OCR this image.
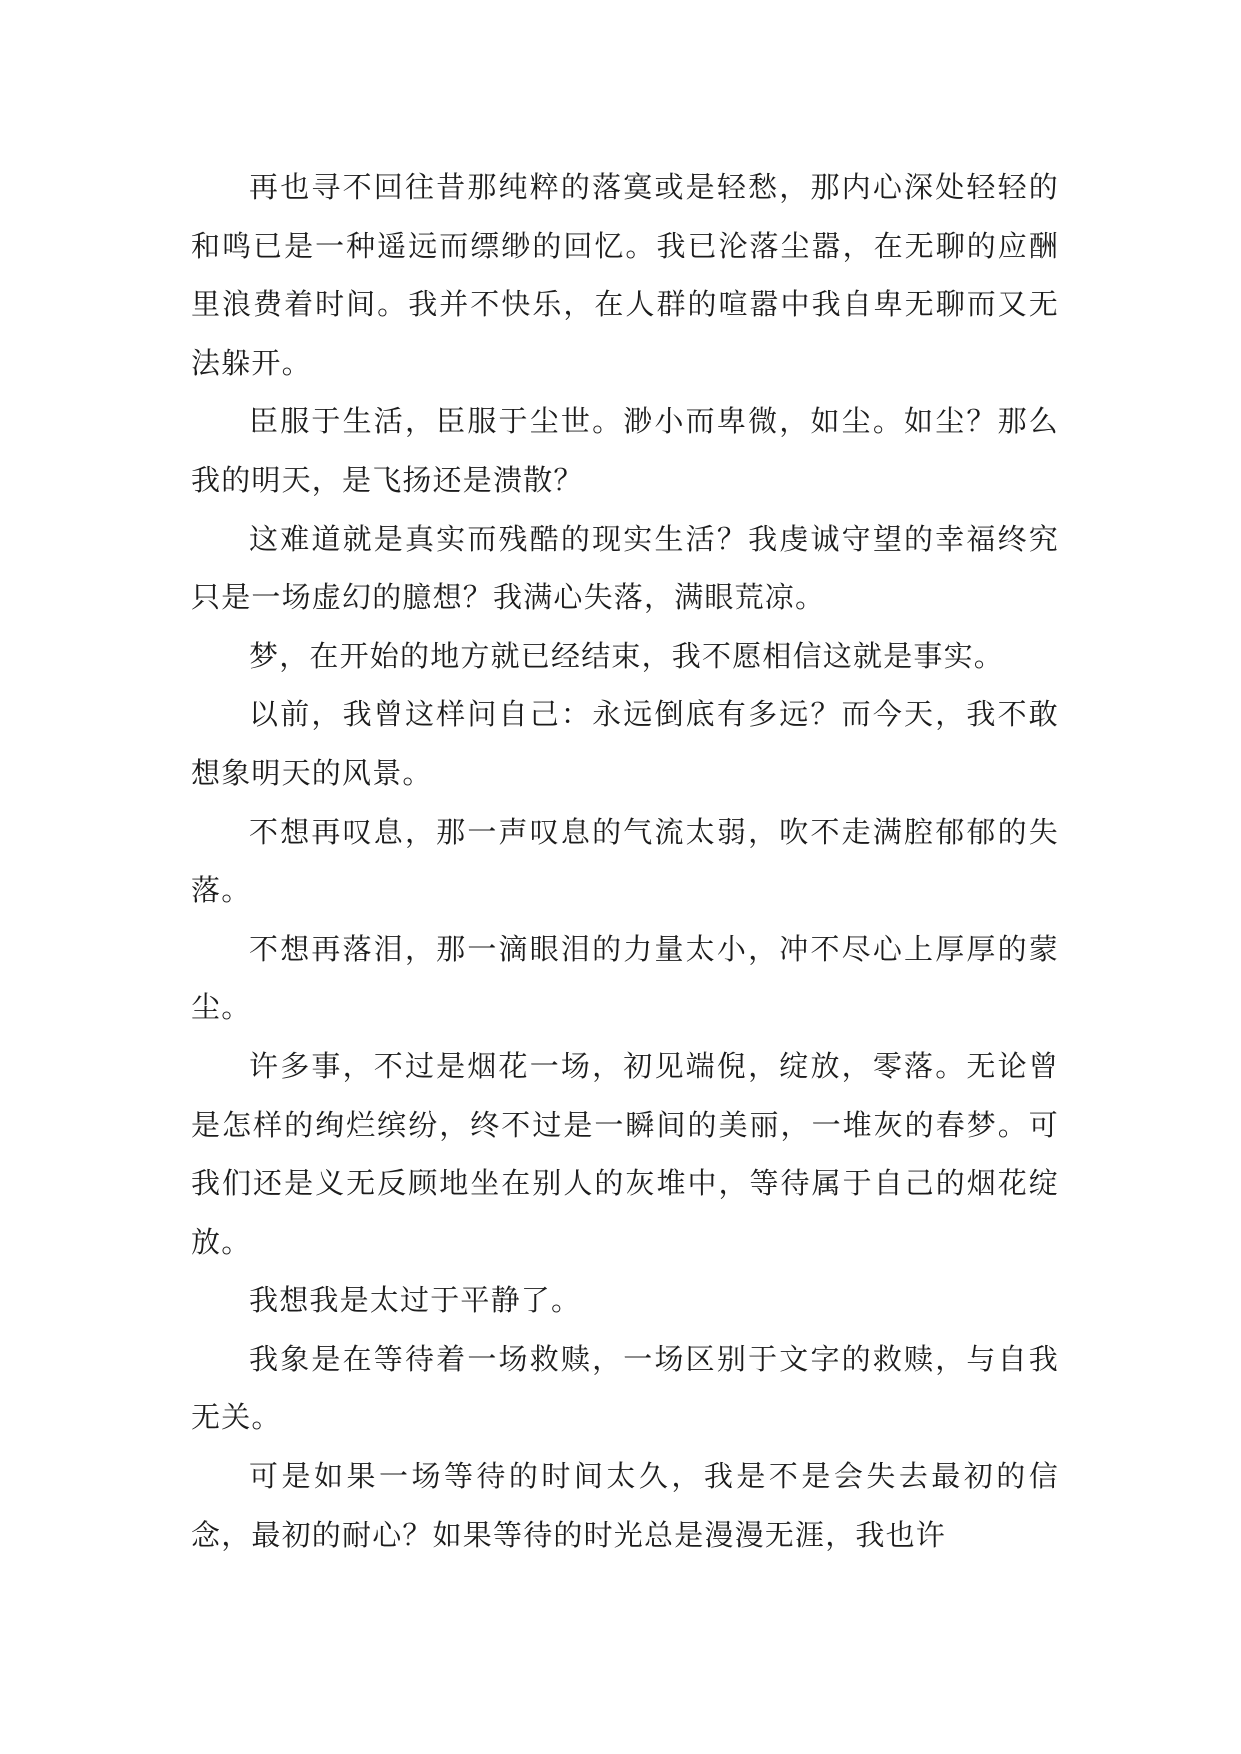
再也寻不回往昔那纯粹的落寞或是轻愁，那内心深处轻轻的和鸣已是一种遥远而缥缈的回忆。我已沦落尘嚣，在无聊的应酬里浪费着时间。我并不快乐，在人群的喧嚣中我自卑无聊而又无法躲开。

臣服于生活，臣服于尘世。渺小而卑微，如尘。如尘？那么我的明天，是飞扬还是溃散？

这难道就是真实而残酷的现实生活？我虔诚守望的幸福终究只是一场虚幻的臆想？我满心失落，满眼荒凉。

梦，在开始的地方就已经结束，我不愿相信这就是事实。

以前，我曾这样问自己：永远倒底有多远？而今天，我不敢想象明天的风景。

不想再叹息，那一声叹息的气流太弱，吹不走满腔郁郁的失落。

不想再落泪，那一滴眼泪的力量太小，冲不尽心上厚厚的蒙尘。

许多事，不过是烟花一场，初见端倪，绽放，零落。无论曾是怎样的绚烂缤纷，终不过是一瞬间的美丽，一堆灰的春梦。可我们还是义无反顾地坐在别人的灰堆中，等待属于自己的烟花绽放。

我想我是太过于平静了。

我象是在等待着一场救赎，一场区别于文字的救赎，与自我无关。

可是如果一场等待的时间太久，我是不是会失去最初的信念，最初的耐心？如果等待的时光总是漫漫无涯，我也许
